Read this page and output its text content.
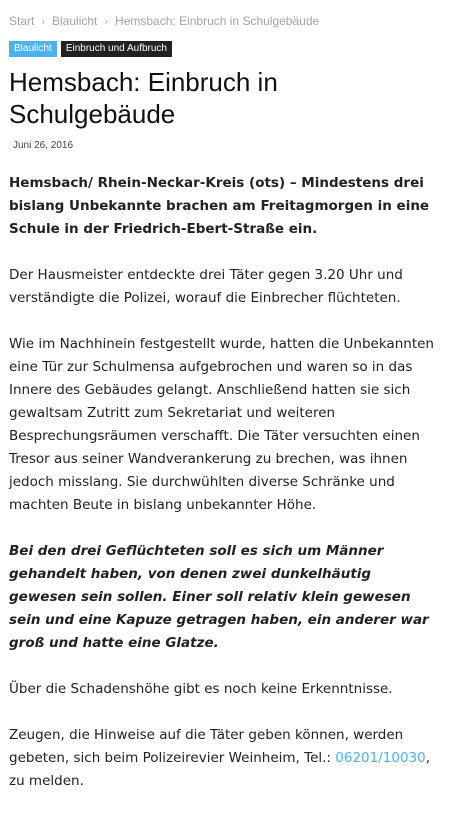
Start › Blaulicht › Hemsbach: Einbruch in Schulgebäude
Blaulicht	Einbruch und Aufbruch
Hemsbach: Einbruch in Schulgebäude
Juni 26, 2016

Hemsbach/ Rhein-Neckar-Kreis (ots) – Mindestens drei bislang Unbekannte brachen am Freitagmorgen in eine Schule in der Friedrich-Ebert-Straße ein.

Der Hausmeister entdeckte drei Täter gegen 3.20 Uhr und verständigte die Polizei, worauf die Einbrecher flüchteten.

Wie im Nachhinein festgestellt wurde, hatten die Unbekannten eine Tür zur Schulmensa aufgebrochen und waren so in das Innere des Gebäudes gelangt. Anschließend hatten sie sich gewaltsam Zutritt zum Sekretariat und weiteren Besprechungsräumen verschafft. Die Täter versuchten einen Tresor aus seiner Wandverankerung zu brechen, was ihnen jedoch misslang. Sie durchwühlten diverse Schränke und machten Beute in bislang unbekannter Höhe.

Bei den drei Geflüchteten soll es sich um Männer gehandelt haben, von denen zwei dunkelhäutig gewesen sein sollen. Einer soll relativ klein gewesen sein und eine Kapuze getragen haben, ein anderer war groß und hatte eine Glatze.

Über die Schadenshöhe gibt es noch keine Erkenntnisse.

Zeugen, die Hinweise auf die Täter geben können, werden gebeten, sich beim Polizeirevier Weinheim, Tel.: 06201/10030, zu melden.
